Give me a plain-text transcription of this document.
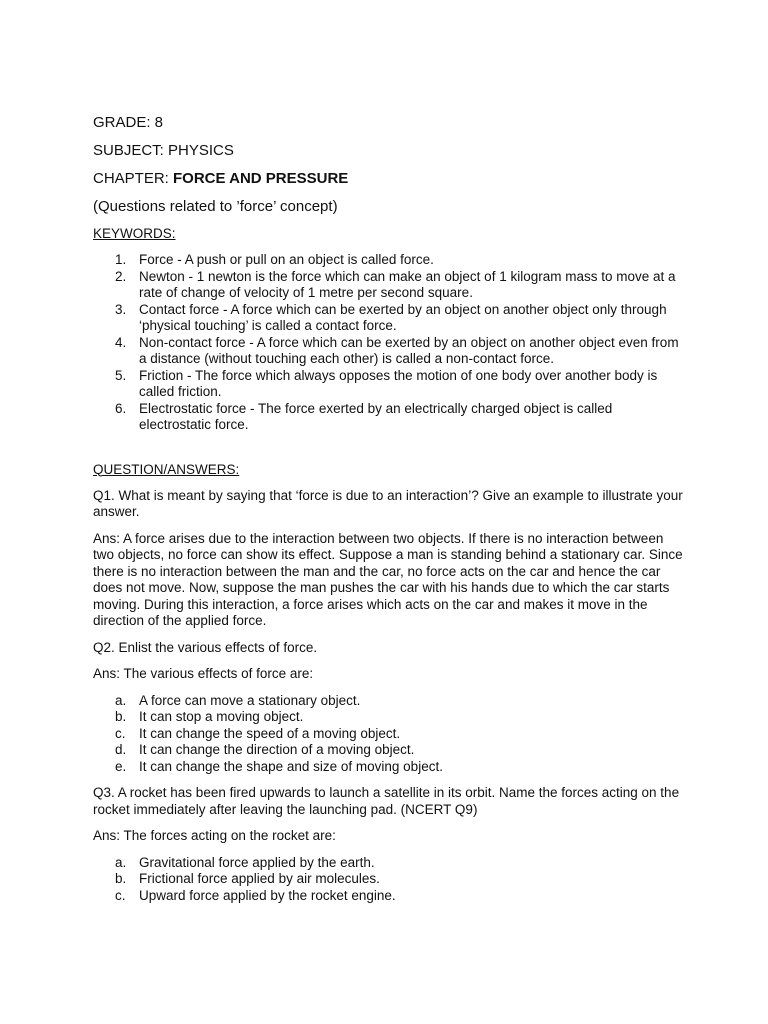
GRADE: 8
SUBJECT: PHYSICS
CHAPTER: FORCE AND PRESSURE
(Questions related to ’force’ concept)
KEYWORDS:
1. Force - A push or pull on an object is called force.
2. Newton - 1 newton is the force which can make an object of 1 kilogram mass to move at a rate of change of velocity of 1 metre per second square.
3. Contact force - A force which can be exerted by an object on another object only through ‘physical touching’ is called a contact force.
4. Non-contact force - A force which can be exerted by an object on another object even from a distance (without touching each other) is called a non-contact force.
5. Friction - The force which always opposes the motion of one body over another body is called friction.
6. Electrostatic force - The force exerted by an electrically charged object is called electrostatic force.
QUESTION/ANSWERS:

Q1. What is meant by saying that ‘force is due to an interaction’? Give an example to illustrate your answer.

Ans: A force arises due to the interaction between two objects. If there is no interaction between two objects, no force can show its effect. Suppose a man is standing behind a stationary car. Since there is no interaction between the man and the car, no force acts on the car and hence the car does not move. Now, suppose the man pushes the car with his hands due to which the car starts moving. During this interaction, a force arises which acts on the car and makes it move in the direction of the applied force.

Q2. Enlist the various effects of force.

Ans: The various effects of force are:

a. A force can move a stationary object.
b. It can stop a moving object.
c. It can change the speed of a moving object.
d. It can change the direction of a moving object.
e. It can change the shape and size of moving object.

Q3. A rocket has been fired upwards to launch a satellite in its orbit. Name the forces acting on the rocket immediately after leaving the launching pad. (NCERT Q9)

Ans: The forces acting on the rocket are:

a. Gravitational force applied by the earth.
b. Frictional force applied by air molecules.
c. Upward force applied by the rocket engine.
